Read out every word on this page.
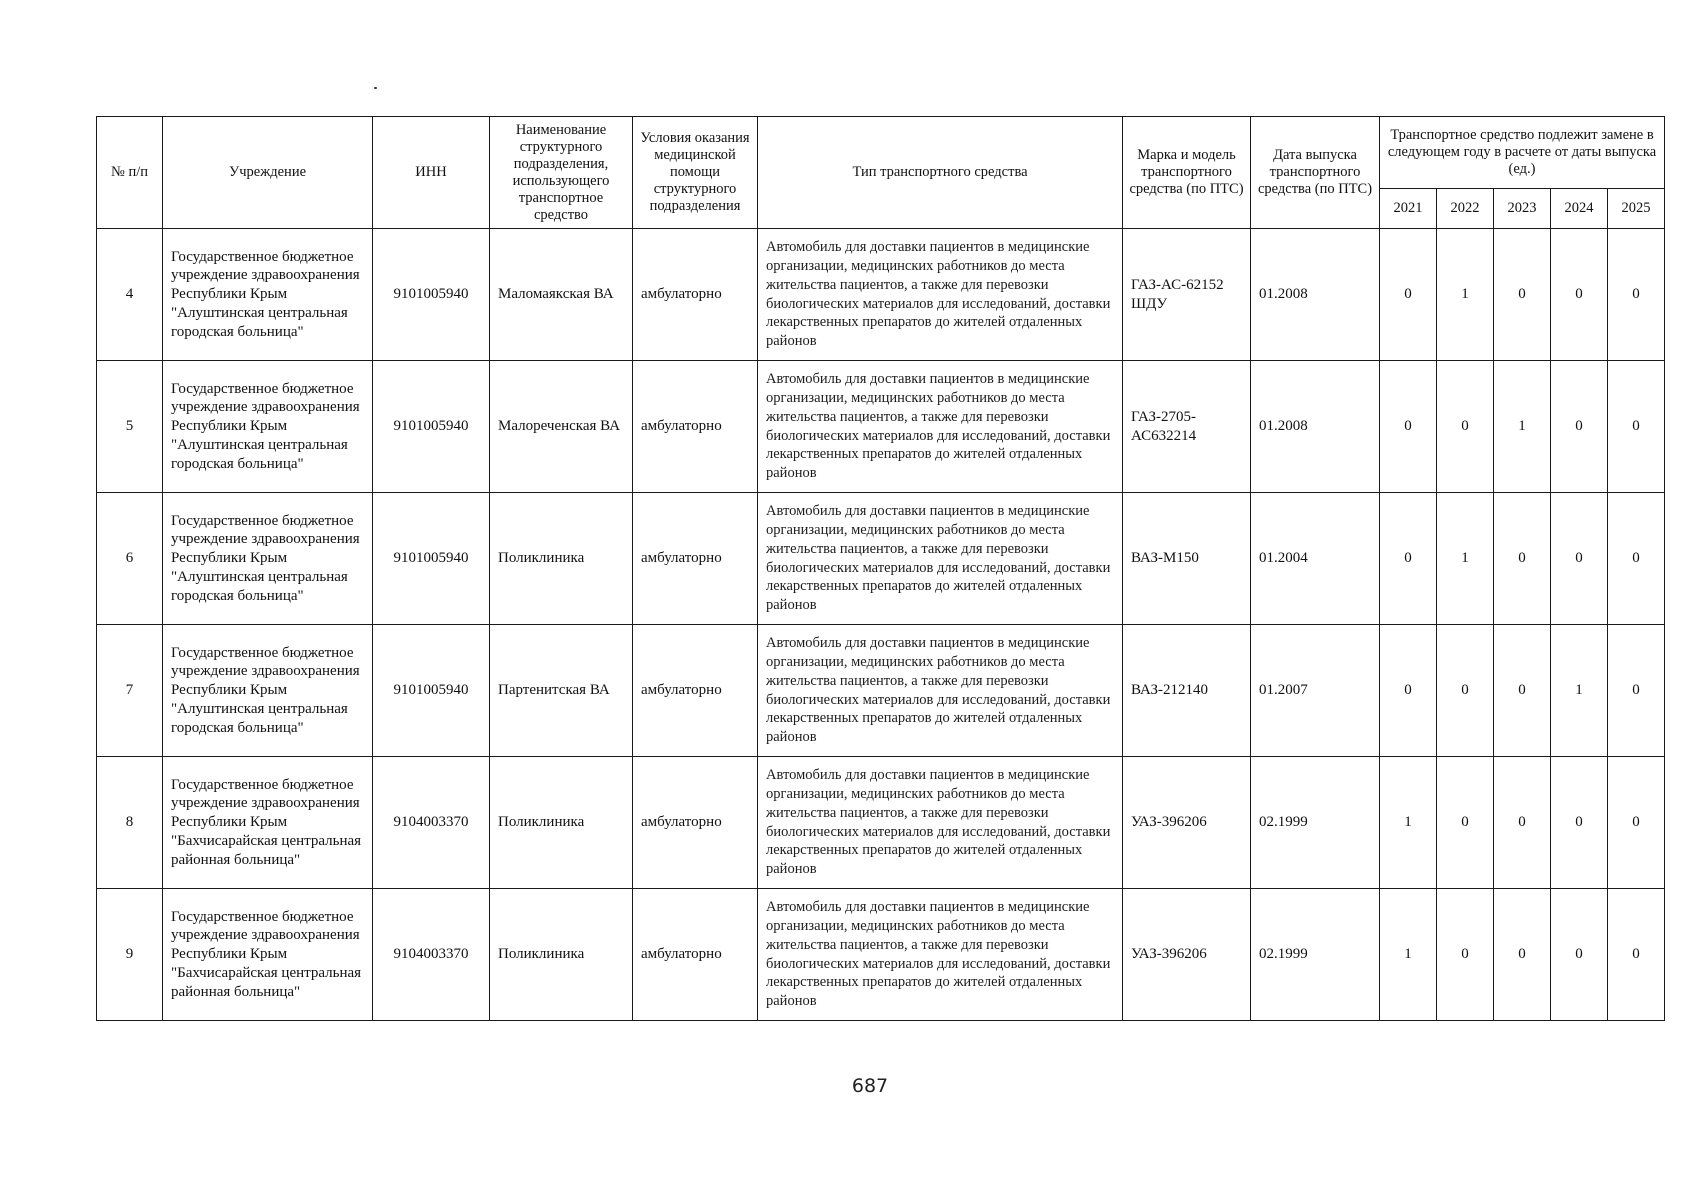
№ п/п	Учреждение	ИНН	Наименование структурного подразделения, использующего транспортное средство	Условия оказания медицинской помощи структурного подразделения	Тип транспортного средства	Марка и модель транспортного средства (по ПТС)	Дата выпуска транспортного средства (по ПТС)	Транспортное средство подлежит замене в следующем году в расчете от даты выпуска (ед.)				
								2021	2022	2023	2024	2025
4	Государственное бюджетное учреждение здравоохранения Республики Крым "Алуштинская центральная городская больница"	9101005940	Маломаякская ВА	амбулаторно	Автомобиль для доставки пациентов в медицинские организации, медицинских работников до места жительства пациентов, а также для перевозки биологических материалов для исследований, доставки лекарственных препаратов до жителей отдаленных районов	ГАЗ-АС-62152 ШДУ	01.2008	0	1	0	0	0
5	Государственное бюджетное учреждение здравоохранения Республики Крым "Алуштинская центральная городская больница"	9101005940	Малореченская ВА	амбулаторно	Автомобиль для доставки пациентов в медицинские организации, медицинских работников до места жительства пациентов, а также для перевозки биологических материалов для исследований, доставки лекарственных препаратов до жителей отдаленных районов	ГАЗ-2705-АС632214	01.2008	0	0	1	0	0
6	Государственное бюджетное учреждение здравоохранения Республики Крым "Алуштинская центральная городская больница"	9101005940	Поликлиника	амбулаторно	Автомобиль для доставки пациентов в медицинские организации, медицинских работников до места жительства пациентов, а также для перевозки биологических материалов для исследований, доставки лекарственных препаратов до жителей отдаленных районов	ВАЗ-М150	01.2004	0	1	0	0	0
7	Государственное бюджетное учреждение здравоохранения Республики Крым "Алуштинская центральная городская больница"	9101005940	Партенитская ВА	амбулаторно	Автомобиль для доставки пациентов в медицинские организации, медицинских работников до места жительства пациентов, а также для перевозки биологических материалов для исследований, доставки лекарственных препаратов до жителей отдаленных районов	ВАЗ-212140	01.2007	0	0	0	1	0
8	Государственное бюджетное учреждение здравоохранения Республики Крым "Бахчисарайская центральная районная больница"	9104003370	Поликлиника	амбулаторно	Автомобиль для доставки пациентов в медицинские организации, медицинских работников до места жительства пациентов, а также для перевозки биологических материалов для исследований, доставки лекарственных препаратов до жителей отдаленных районов	УАЗ-396206	02.1999	1	0	0	0	0
9	Государственное бюджетное учреждение здравоохранения Республики Крым "Бахчисарайская центральная районная больница"	9104003370	Поликлиника	амбулаторно	Автомобиль для доставки пациентов в медицинские организации, медицинских работников до места жительства пациентов, а также для перевозки биологических материалов для исследований, доставки лекарственных препаратов до жителей отдаленных районов	УАЗ-396206	02.1999	1	0	0	0	0
687
